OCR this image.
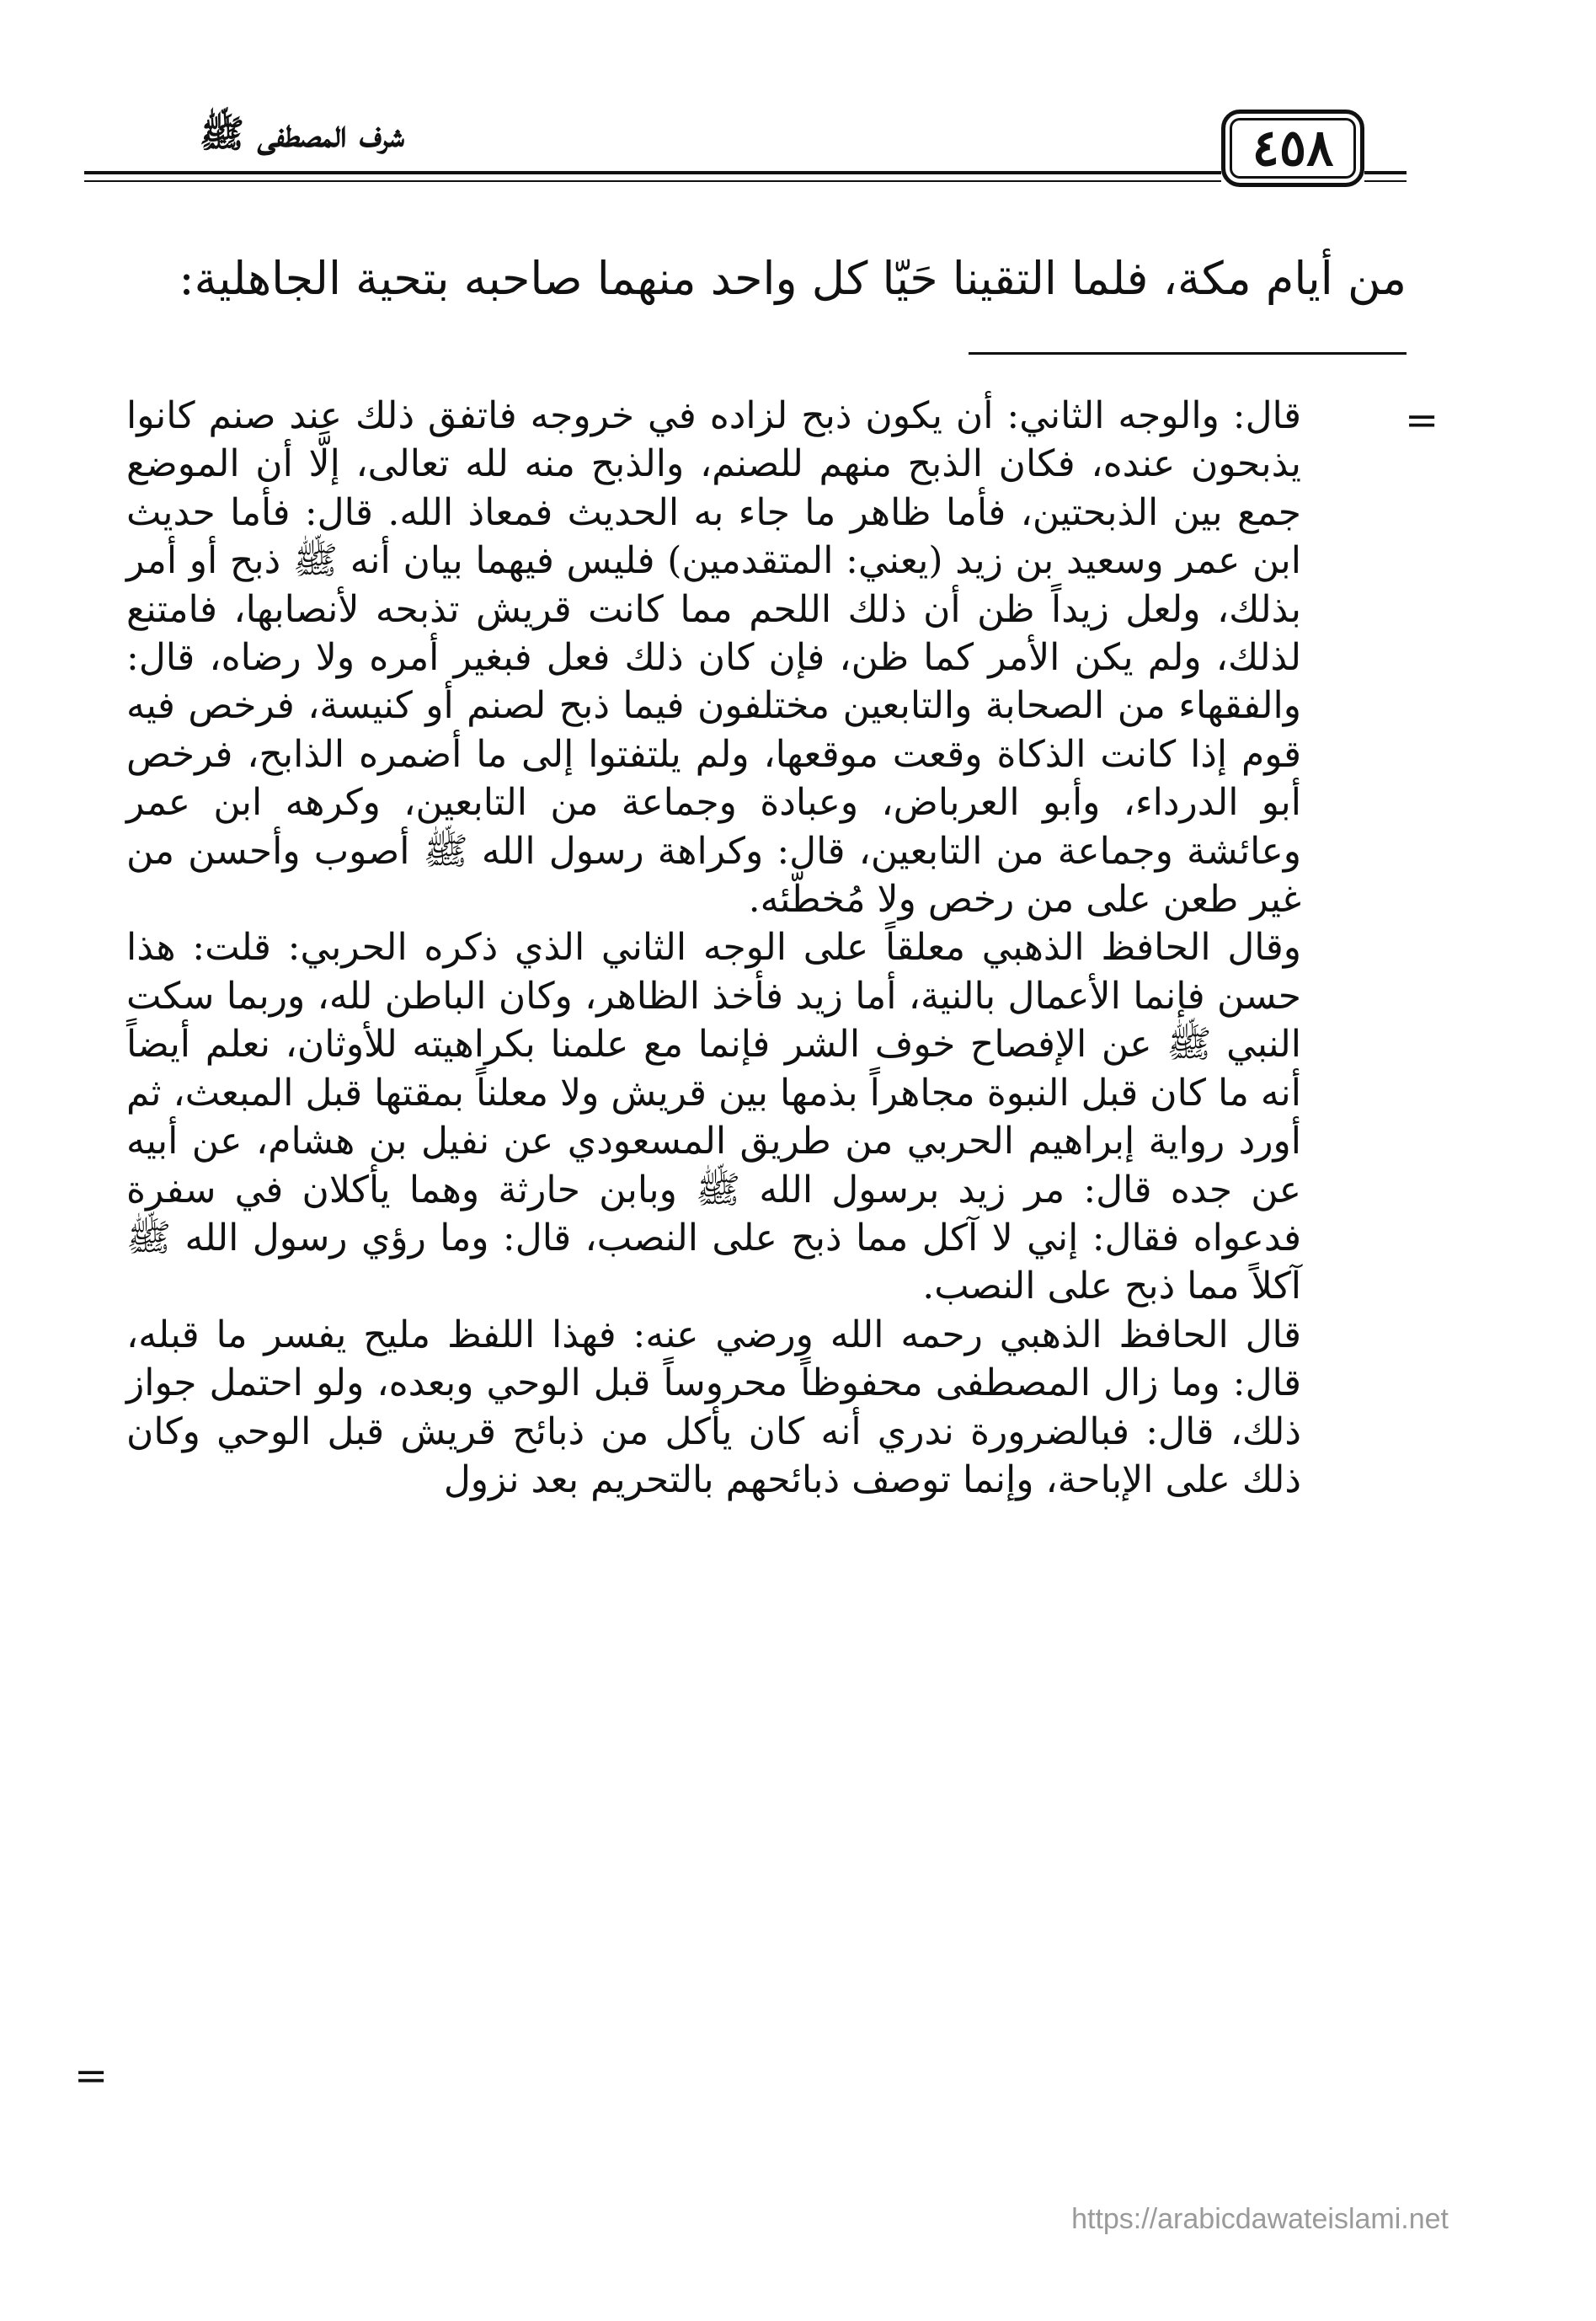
شرف المصطفى ﷺ	٤٥٨
من أيام مكة، فلما التقينا حَيّا كل واحد منهما صاحبه بتحية الجاهلية:
=

قال: والوجه الثاني: أن يكون ذبح لزاده في خروجه فاتفق ذلك عند صنم كانوا يذبحون عنده، فكان الذبح منهم للصنم، والذبح منه لله تعالى، إلَّا أن الموضع جمع بين الذبحتين، فأما ظاهر ما جاء به الحديث فمعاذ الله. قال: فأما حديث ابن عمر وسعيد بن زيد (يعني: المتقدمين) فليس فيهما بيان أنه ﷺ ذبح أو أمر بذلك، ولعل زيداً ظن أن ذلك اللحم مما كانت قريش تذبحه لأنصابها، فامتنع لذلك، ولم يكن الأمر كما ظن، فإن كان ذلك فعل فبغير أمره ولا رضاه، قال: والفقهاء من الصحابة والتابعين مختلفون فيما ذبح لصنم أو كنيسة، فرخص فيه قوم إذا كانت الذكاة وقعت موقعها، ولم يلتفتوا إلى ما أضمره الذابح، فرخص أبو الدرداء، وأبو العرباض، وعبادة وجماعة من التابعين، وكرهه ابن عمر وعائشة وجماعة من التابعين، قال: وكراهة رسول الله ﷺ أصوب وأحسن من غير طعن على من رخص ولا مُخطّئه.

وقال الحافظ الذهبي معلقاً على الوجه الثاني الذي ذكره الحربي: قلت: هذا حسن فإنما الأعمال بالنية، أما زيد فأخذ الظاهر، وكان الباطن لله، وربما سكت النبي ﷺ عن الإفصاح خوف الشر فإنما مع علمنا بكراهيته للأوثان، نعلم أيضاً أنه ما كان قبل النبوة مجاهراً بذمها بين قريش ولا معلناً بمقتها قبل المبعث، ثم أورد رواية إبراهيم الحربي من طريق المسعودي عن نفيل بن هشام، عن أبيه عن جده قال: مر زيد برسول الله ﷺ وبابن حارثة وهما يأكلان في سفرة فدعواه فقال: إني لا آكل مما ذبح على النصب، قال: وما رؤي رسول الله ﷺ آكلاً مما ذبح على النصب.

قال الحافظ الذهبي رحمه الله ورضي عنه: فهذا اللفظ مليح يفسر ما قبله، قال: وما زال المصطفى محفوظاً محروساً قبل الوحي وبعده، ولو احتمل جواز ذلك، قال: فبالضرورة ندري أنه كان يأكل من ذبائح قريش قبل الوحي وكان ذلك على الإباحة، وإنما توصف ذبائحهم بالتحريم بعد نزول

=
https://arabicdawateislami.net
